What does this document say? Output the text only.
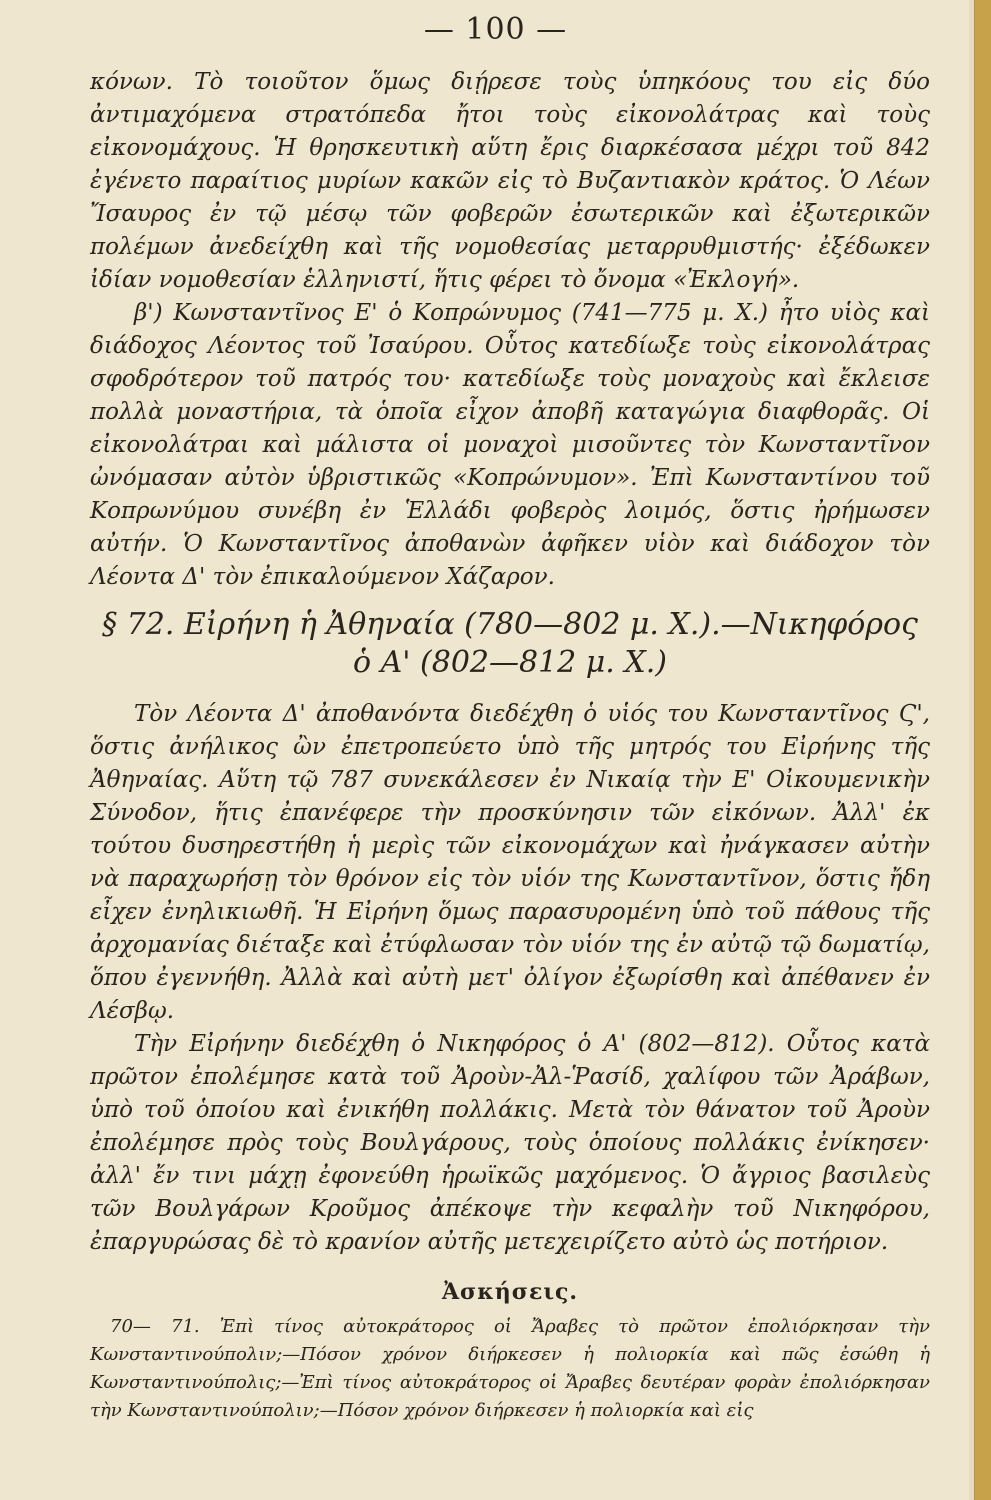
— 100 —

κόνων. Τὸ τοιοῦτον ὅμως διῄρεσε τοὺς ὑπηκόους του εἰς δύο ἀντιμαχόμενα στρατόπεδα ἤτοι τοὺς εἰκονολάτρας καὶ τοὺς εἰκονομάχους. Ἡ θρησκευτικὴ αὕτη ἔρις διαρκέσασα μέχρι τοῦ 842 ἐγένετο παραίτιος μυρίων κακῶν εἰς τὸ Βυζαντιακὸν κράτος. Ὁ Λέων Ἴσαυρος ἐν τῷ μέσῳ τῶν φοβερῶν ἐσωτερικῶν καὶ ἐξωτερικῶν πολέμων ἀνεδείχθη καὶ τῆς νομοθεσίας μεταρρυθμιστής· ἐξέδωκεν ἰδίαν νομοθεσίαν ἑλληνιστί, ἥτις φέρει τὸ ὄνομα «Ἐκλογή».

β') Κωνσταντῖνος Ε' ὁ Κοπρώνυμος (741—775 μ. Χ.) ἦτο υἱὸς καὶ διάδοχος Λέοντος τοῦ Ἰσαύρου. Οὗτος κατεδίωξε τοὺς εἰκονολάτρας σφοδρότερον τοῦ πατρός του· κατεδίωξε τοὺς μοναχοὺς καὶ ἔκλεισε πολλὰ μοναστήρια, τὰ ὁποῖα εἶχον ἀποβῆ καταγώγια διαφθορᾶς. Οἱ εἰκονολάτραι καὶ μάλιστα οἱ μοναχοὶ μισοῦντες τὸν Κωνσταντῖνον ὠνόμασαν αὐτὸν ὑβριστικῶς «Κοπρώνυμον». Ἐπὶ Κωνσταντίνου τοῦ Κοπρωνύμου συνέβη ἐν Ἑλλάδι φοβερὸς λοιμός, ὅστις ἠρήμωσεν αὐτήν. Ὁ Κωνσταντῖνος ἀποθανὼν ἀφῆκεν υἱὸν καὶ διάδοχον τὸν Λέοντα Δ' τὸν ἐπικαλούμενον Χάζαρον.

§ 72. Εἰρήνη ἡ Ἀθηναία (780—802 μ. Χ.).—Νικηφόρος ὁ Α' (802—812 μ. Χ.)

Τὸν Λέοντα Δ' ἀποθανόντα διεδέχθη ὁ υἱός του Κωνσταντῖνος Ϛ', ὅστις ἀνήλικος ὢν ἐπετροπεύετο ὑπὸ τῆς μητρός του Εἰρήνης τῆς Ἀθηναίας. Αὕτη τῷ 787 συνεκάλεσεν ἐν Νικαίᾳ τὴν Ε' Οἰκουμενικὴν Σύνοδον, ἥτις ἐπανέφερε τὴν προσκύνησιν τῶν εἰκόνων. Ἀλλ' ἐκ τούτου δυσηρεστήθη ἡ μερὶς τῶν εἰκονομάχων καὶ ἠνάγκασεν αὐτὴν νὰ παραχωρήσῃ τὸν θρόνον εἰς τὸν υἱόν της Κωνσταντῖνον, ὅστις ἤδη εἶχεν ἐνηλικιωθῆ. Ἡ Εἰρήνη ὅμως παρασυρομένη ὑπὸ τοῦ πάθους τῆς ἀρχομανίας διέταξε καὶ ἐτύφλωσαν τὸν υἱόν της ἐν αὐτῷ τῷ δωματίῳ, ὅπου ἐγεννήθη. Ἀλλὰ καὶ αὐτὴ μετ' ὀλίγον ἐξωρίσθη καὶ ἀπέθανεν ἐν Λέσβῳ.

Τὴν Εἰρήνην διεδέχθη ὁ Νικηφόρος ὁ Α' (802—812). Οὗτος κατὰ πρῶτον ἐπολέμησε κατὰ τοῦ Ἀροὺν-Ἀλ-Ῥασίδ, χαλίφου τῶν Ἀράβων, ὑπὸ τοῦ ὁποίου καὶ ἐνικήθη πολλάκις. Μετὰ τὸν θάνατον τοῦ Ἀροὺν ἐπολέμησε πρὸς τοὺς Βουλγάρους, τοὺς ὁποίους πολλάκις ἐνίκησεν· ἀλλ' ἔν τινι μάχῃ ἐφονεύθη ἡρωϊκῶς μαχόμενος. Ὁ ἄγριος βασιλεὺς τῶν Βουλγάρων Κροῦμος ἀπέκοψε τὴν κεφαλὴν τοῦ Νικηφόρου, ἐπαργυρώσας δὲ τὸ κρανίον αὐτῆς μετεχειρίζετο αὐτὸ ὡς ποτήριον.

Ἀσκήσεις.

70— 71. Ἐπὶ τίνος αὐτοκράτορος οἱ Ἄραβες τὸ πρῶτον ἐπολιόρκησαν τὴν Κωνσταντινούπολιν;—Πόσον χρόνον διήρκεσεν ἡ πολιορκία καὶ πῶς ἐσώθη ἡ Κωνσταντινούπολις;—Ἐπὶ τίνος αὐτοκράτορος οἱ Ἄραβες δευτέραν φορὰν ἐπολιόρκησαν τὴν Κωνσταντινούπολιν;—Πόσον χρόνον διήρκεσεν ἡ πολιορκία καὶ εἰς
